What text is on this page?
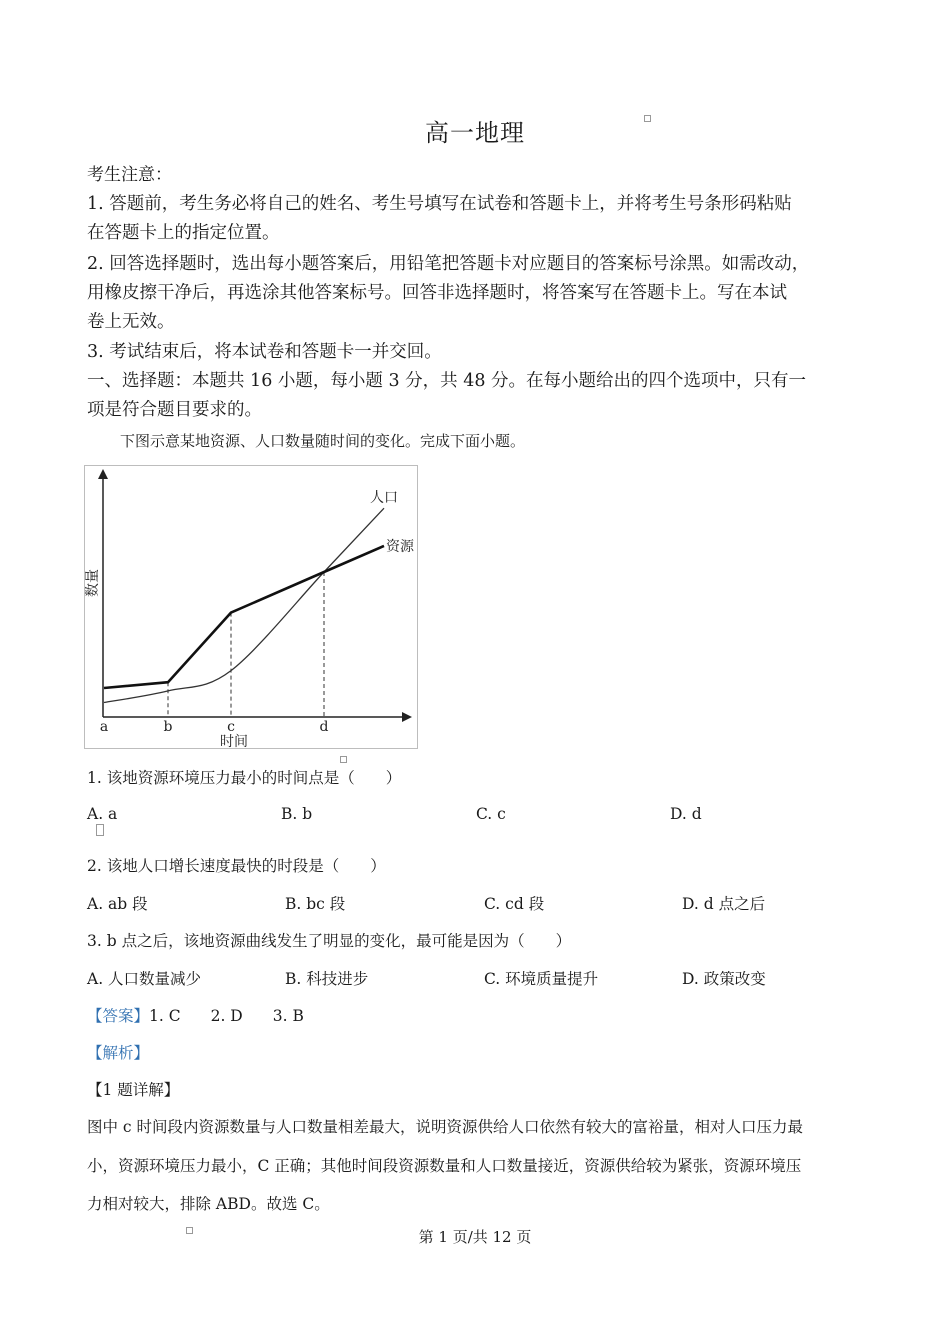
高一地理
考生注意：
1. 答题前，考生务必将自己的姓名、考生号填写在试卷和答题卡上，并将考生号条形码粘贴
在答题卡上的指定位置。
2. 回答选择题时，选出每小题答案后，用铅笔把答题卡对应题目的答案标号涂黑。如需改动，
用橡皮擦干净后，再选涂其他答案标号。回答非选择题时，将答案写在答题卡上。写在本试
卷上无效。
3. 考试结束后，将本试卷和答题卡一并交回。
一、选择题：本题共 16 小题，每小题 3 分，共 48 分。在每小题给出的四个选项中，只有一
项是符合题目要求的。
下图示意某地资源、人口数量随时间的变化。完成下面小题。
a	b	c	d
人口
资源
时间
数量
1. 该地资源环境压力最小的时间点是（　　）
A. a	B. b	C. c	D. d
2. 该地人口增长速度最快的时段是（　　）
A. ab 段	B. bc 段	C. cd 段	D. d 点之后
3. b 点之后，该地资源曲线发生了明显的变化，最可能是因为（　　）
A. 人口数量减少	B. 科技进步	C. 环境质量提升	D. 政策改变
【答案】1. C 2. D 3. B
【解析】
【1 题详解】
图中 c 时间段内资源数量与人口数量相差最大，说明资源供给人口依然有较大的富裕量，相对人口压力最
小，资源环境压力最小，C 正确；其他时间段资源数量和人口数量接近，资源供给较为紧张，资源环境压
力相对较大，排除 ABD。故选 C。
第 1 页/共 12 页
